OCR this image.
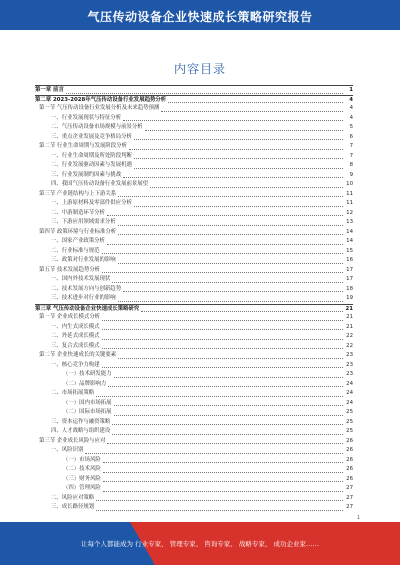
气压传动设备企业快速成长策略研究报告
内容目录
第一章 前言	1
第二章 2023-2028年气压传动设备行业发展趋势分析	4
第一节 气压传动设备行业发展分析及未来趋势预测	4
一、行业发展现状与特征分析	4
二、气压传动设备市场规模与前景分析	5
三、重点企业发展及竞争格局分析	6
第二节 行业生命周期与发展阶段分析	7
一、行业生命周期及所处阶段判断	7
二、行业发展驱动因素与发展机遇	8
三、行业发展制约因素与挑战	9
四、我国气压传动设备行业发展前景展望	10
第三节 产业链结构与上下游关系	11
一、上游原材料及零部件供应分析	11
二、中游制造环节分析	12
三、下游应用领域需求分析	13
第四节 政策环境与行业标准分析	14
一、国家产业政策分析	14
二、行业标准与规范	15
三、政策对行业发展的影响	16
第五节 技术发展趋势分析	17
一、国内外技术发展现状	17
二、技术发展方向与创新趋势	18
三、技术进步对行业的影响	19
第三章 气压传动设备企业快速成长策略研究	21
第一节 企业成长模式分析	21
一、内生式成长模式	21
二、外延式成长模式	22
三、复合式成长模式	22
第二节 企业快速成长的关键要素	23
一、核心竞争力构建	23
（一）技术研发能力	23
（二）品牌影响力	24
二、市场拓展策略	24
（一）国内市场拓展	24
（二）国际市场拓展	25
三、资本运作与融资策略	25
四、人才战略与组织建设	25
第三节 企业成长风险与应对	26
一、风险识别	26
（一）市场风险	26
（二）技术风险	26
（三）财务风险	26
（四）管理风险	27
二、风险应对策略	27
三、成长路径规划	27
1
让每个人都能成为 行业专家、 管理专家、 咨询专家、 战略专家、 成功企业家……
